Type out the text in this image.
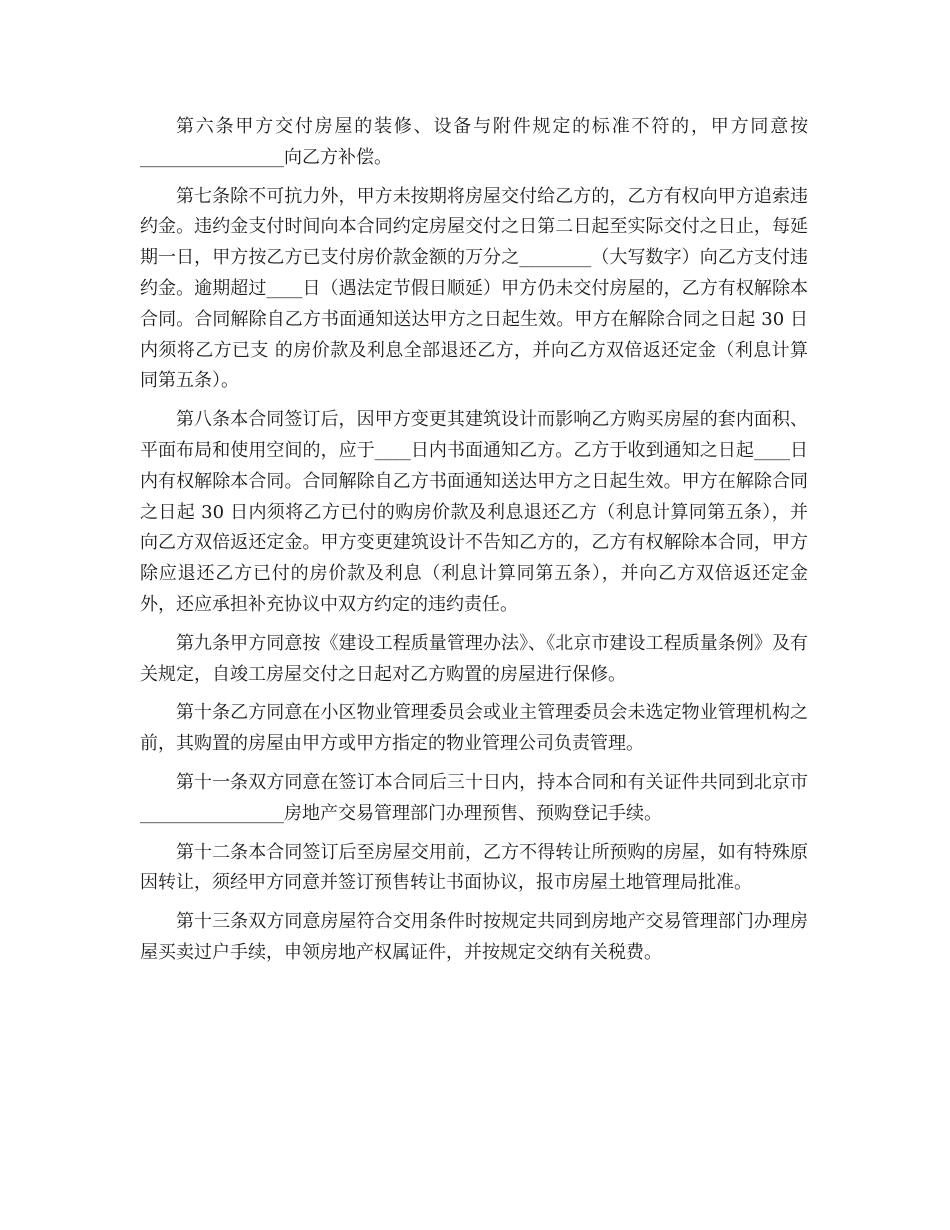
第六条甲方交付房屋的装修、设备与附件规定的标准不符的，甲方同意按________________向乙方补偿。

第七条除不可抗力外，甲方未按期将房屋交付给乙方的，乙方有权向甲方追索违约金。违约金支付时间向本合同约定房屋交付之日第二日起至实际交付之日止，每延期一日，甲方按乙方已支付房价款金额的万分之________（大写数字）向乙方支付违约金。逾期超过____日（遇法定节假日顺延）甲方仍未交付房屋的，乙方有权解除本合同。合同解除自乙方书面通知送达甲方之日起生效。甲方在解除合同之日起 30 日内须将乙方已支 的房价款及利息全部退还乙方，并向乙方双倍返还定金（利息计算同第五条）。

第八条本合同签订后，因甲方变更其建筑设计而影响乙方购买房屋的套内面积、平面布局和使用空间的，应于____日内书面通知乙方。乙方于收到通知之日起____日内有权解除本合同。合同解除自乙方书面通知送达甲方之日起生效。甲方在解除合同之日起 30 日内须将乙方已付的购房价款及利息退还乙方（利息计算同第五条），并向乙方双倍返还定金。甲方变更建筑设计不告知乙方的，乙方有权解除本合同，甲方除应退还乙方已付的房价款及利息（利息计算同第五条），并向乙方双倍返还定金外，还应承担补充协议中双方约定的违约责任。

第九条甲方同意按《建设工程质量管理办法》、《北京市建设工程质量条例》及有关规定，自竣工房屋交付之日起对乙方购置的房屋进行保修。

第十条乙方同意在小区物业管理委员会或业主管理委员会未选定物业管理机构之前，其购置的房屋由甲方或甲方指定的物业管理公司负责管理。

第十一条双方同意在签订本合同后三十日内，持本合同和有关证件共同到北京市________________房地产交易管理部门办理预售、预购登记手续。

第十二条本合同签订后至房屋交用前，乙方不得转让所预购的房屋，如有特殊原因转让，须经甲方同意并签订预售转让书面协议，报市房屋土地管理局批准。

第十三条双方同意房屋符合交用条件时按规定共同到房地产交易管理部门办理房屋买卖过户手续，申领房地产权属证件，并按规定交纳有关税费。
